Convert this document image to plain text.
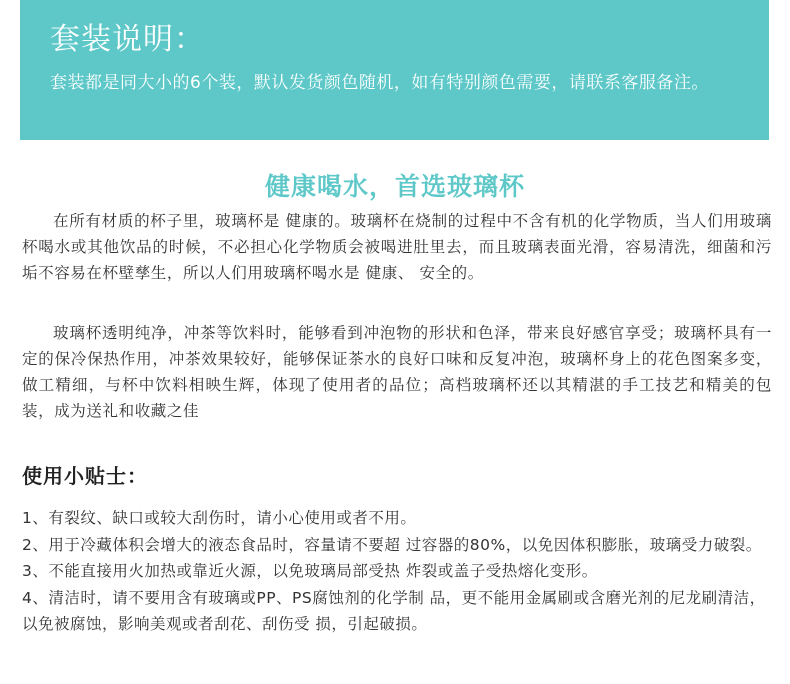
套装说明：
套装都是同大小的6个装，默认发货颜色随机，如有特别颜色需要，请联系客服备注。
健康喝水，首选玻璃杯

在所有材质的杯子里，玻璃杯是 健康的。玻璃杯在烧制的过程中不含有机的化学物质，当人们用玻璃杯喝水或其他饮品的时候，不必担心化学物质会被喝进肚里去，而且玻璃表面光滑，容易清洗，细菌和污垢不容易在杯壁孳生，所以人们用玻璃杯喝水是 健康、 安全的。

玻璃杯透明纯净，冲茶等饮料时，能够看到冲泡物的形状和色泽，带来良好感官享受；玻璃杯具有一定的保冷保热作用，冲茶效果较好，能够保证茶水的良好口味和反复冲泡，玻璃杯身上的花色图案多变，做工精细，与杯中饮料相映生辉，体现了使用者的品位；高档玻璃杯还以其精湛的手工技艺和精美的包装，成为送礼和收藏之佳

使用小贴士：
1、有裂纹、缺口或较大刮伤时，请小心使用或者不用。
2、用于冷藏体积会增大的液态食品时，容量请不要超 过容器的80%，以免因体积膨胀，玻璃受力破裂。
3、不能直接用火加热或靠近火源，以免玻璃局部受热 炸裂或盖子受热熔化变形。
4、清洁时，请不要用含有玻璃或PP、PS腐蚀剂的化学制 品，更不能用金属刷或含磨光剂的尼龙刷清洁，以免被腐蚀，影响美观或者刮花、刮伤受 损，引起破损。
